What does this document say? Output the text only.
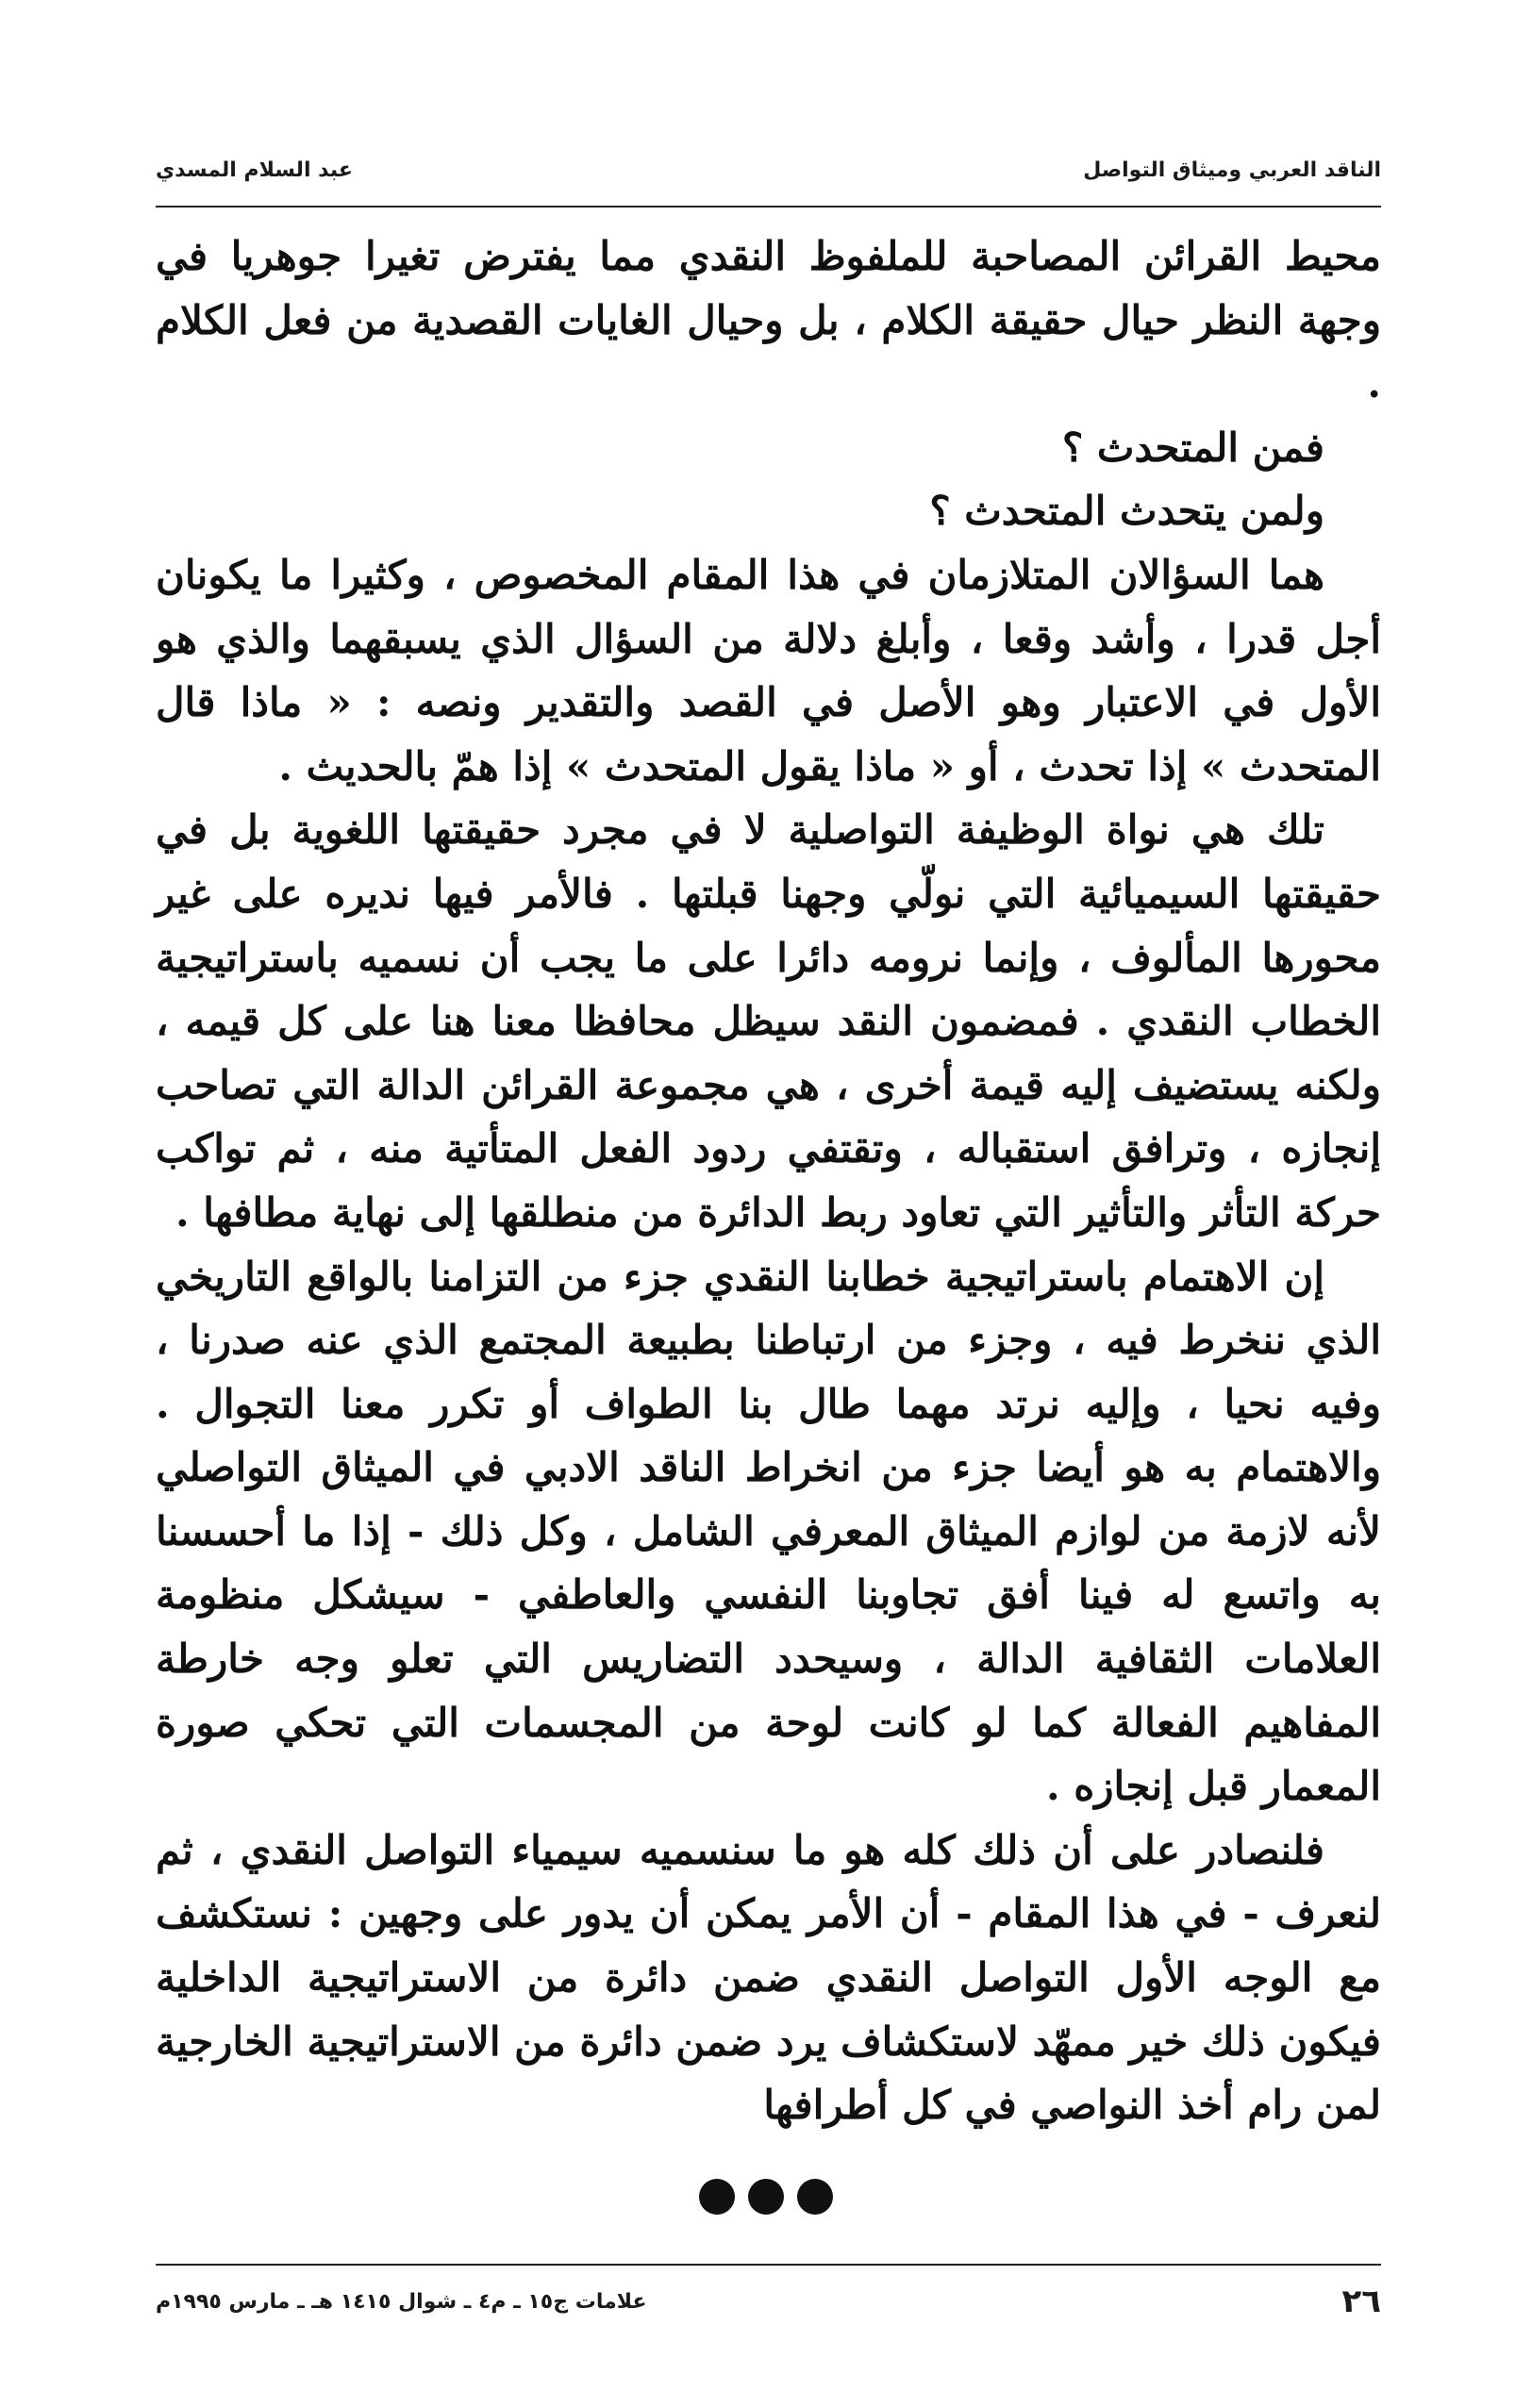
الناقد العربي وميثاق التواصل
عبد السلام المسدي

محيط القرائن المصاحبة للملفوظ النقدي مما يفترض تغيرا جوهريا في وجهة النظر حيال حقيقة الكلام ، بل وحيال الغايات القصدية من فعل الكلام .

فمن المتحدث ؟

ولمن يتحدث المتحدث ؟

هما السؤالان المتلازمان في هذا المقام المخصوص ، وكثيرا ما يكونان أجل قدرا ، وأشد وقعا ، وأبلغ دلالة من السؤال الذي يسبقهما والذي هو الأول في الاعتبار وهو الأصل في القصد والتقدير ونصه : « ماذا قال المتحدث » إذا تحدث ، أو « ماذا يقول المتحدث » إذا همّ بالحديث .

تلك هي نواة الوظيفة التواصلية لا في مجرد حقيقتها اللغوية بل في حقيقتها السيميائية التي نولّي وجهنا قبلتها . فالأمر فيها نديره على غير محورها المألوف ، وإنما نرومه دائرا على ما يجب أن نسميه باستراتيجية الخطاب النقدي . فمضمون النقد سيظل محافظا معنا هنا على كل قيمه ، ولكنه يستضيف إليه قيمة أخرى ، هي مجموعة القرائن الدالة التي تصاحب إنجازه ، وترافق استقباله ، وتقتفي ردود الفعل المتأتية منه ، ثم تواكب حركة التأثر والتأثير التي تعاود ربط الدائرة من منطلقها إلى نهاية مطافها .

إن الاهتمام باستراتيجية خطابنا النقدي جزء من التزامنا بالواقع التاريخي الذي ننخرط فيه ، وجزء من ارتباطنا بطبيعة المجتمع الذي عنه صدرنا ، وفيه نحيا ، وإليه نرتد مهما طال بنا الطواف أو تكرر معنا التجوال . والاهتمام به هو أيضا جزء من انخراط الناقد الادبي في الميثاق التواصلي لأنه لازمة من لوازم الميثاق المعرفي الشامل ، وكل ذلك - إذا ما أحسسنا به واتسع له فينا أفق تجاوبنا النفسي والعاطفي - سيشكل منظومة العلامات الثقافية الدالة ، وسيحدد التضاريس التي تعلو وجه خارطة المفاهيم الفعالة كما لو كانت لوحة من المجسمات التي تحكي صورة المعمار قبل إنجازه .

فلنصادر على أن ذلك كله هو ما سنسميه سيمياء التواصل النقدي ، ثم لنعرف - في هذا المقام - أن الأمر يمكن أن يدور على وجهين : نستكشف مع الوجه الأول التواصل النقدي ضمن دائرة من الاستراتيجية الداخلية فيكون ذلك خير ممهّد لاستكشاف يرد ضمن دائرة من الاستراتيجية الخارجية لمن رام أخذ النواصي في كل أطرافها

٢٦
علامات ج١٥ ـ م٤ ـ شوال ١٤١٥ هـ ـ مارس ١٩٩٥م
